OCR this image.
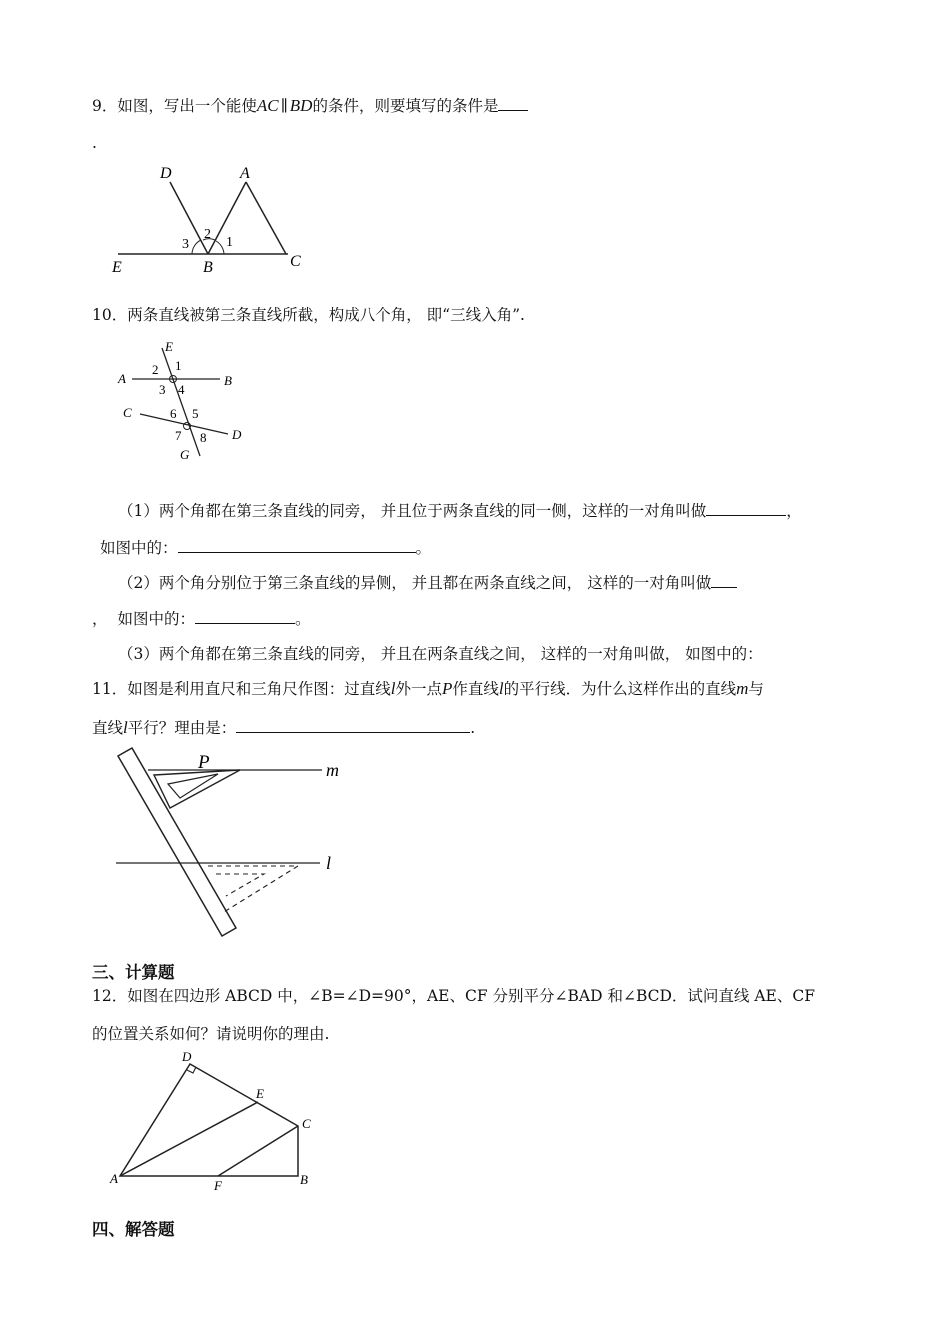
9．如图，写出一个能使AC ∥ BD的条件，则要填写的条件是
.
D	A
E	B	C
3
2
1
10．两条直线被第三条直线所截，构成八个角， 即“三线入角”.
E
A	B
C
D
G
1
2
3 4
5
6
7 8
（1）两个角都在第三条直线的同旁， 并且位于两条直线的同一侧，这样的一对角叫做	，
如图中的：	。
（2）两个角分别位于第三条直线的异侧， 并且都在两条直线之间， 这样的一对角叫做
， 如图中的：	。
（3）两个角都在第三条直线的同旁， 并且在两条直线之间， 这样的一对角叫做， 如图中的：
11．如图是利用直尺和三角尺作图：过直线l外一点P作直线l的平行线．为什么这样作出的直线m与
直线l平行？理由是：	.
P	m
l
三、计算题
12．如图在四边形 ABCD 中，∠B=∠D=90°，AE、CF 分别平分∠BAD 和∠BCD．试问直线 AE、CF
的位置关系如何？请说明你的理由.
D
E
C
A	F	B
四、解答题
